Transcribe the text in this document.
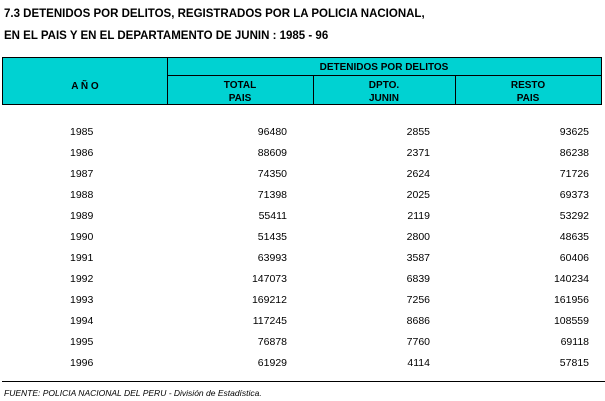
7.3 DETENIDOS POR DELITOS, REGISTRADOS POR LA POLICIA NACIONAL,
EN EL PAIS Y EN EL DEPARTAMENTO DE JUNIN : 1985 - 96
A Ñ O
DETENIDOS POR DELITOS
TOTAL
PAIS
DPTO.
JUNIN
RESTO
PAIS
1985	96480	2855	93625
1986	88609	2371	86238
1987	74350	2624	71726
1988	71398	2025	69373
1989	55411	2119	53292
1990	51435	2800	48635
1991	63993	3587	60406
1992	147073	6839	140234
1993	169212	7256	161956
1994	117245	8686	108559
1995	76878	7760	69118
1996	61929	4114	57815
FUENTE: POLICIA NACIONAL DEL PERU - División de Estadística.
